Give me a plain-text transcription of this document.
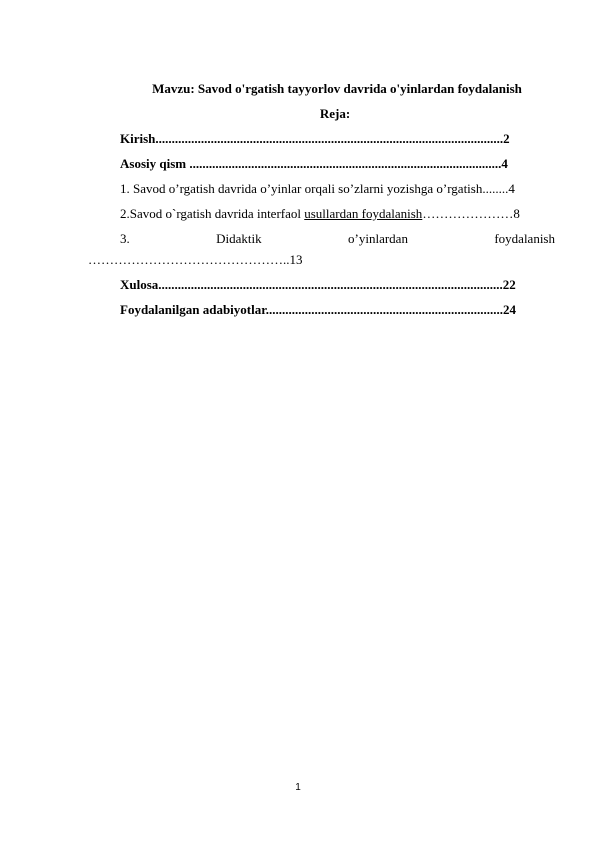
Mavzu: Savod o'rgatish tayyorlov davrida o'yinlardan foydalanish
Reja:
Kirish...........................................................................................................2
Asosiy qism ................................................................................................4
1. Savod o’rgatish davrida o’yinlar orqali so’zlarni yozishga o’rgatish........4
2.Savod o`rgatish davrida interfaol usullardan foydalanish…………………8
3.	Didaktik	o’yinlardan	foydalanish
………………………………………..13
Xulosa..........................................................................................................22
Foydalanilgan adabiyotlar.........................................................................24
1
